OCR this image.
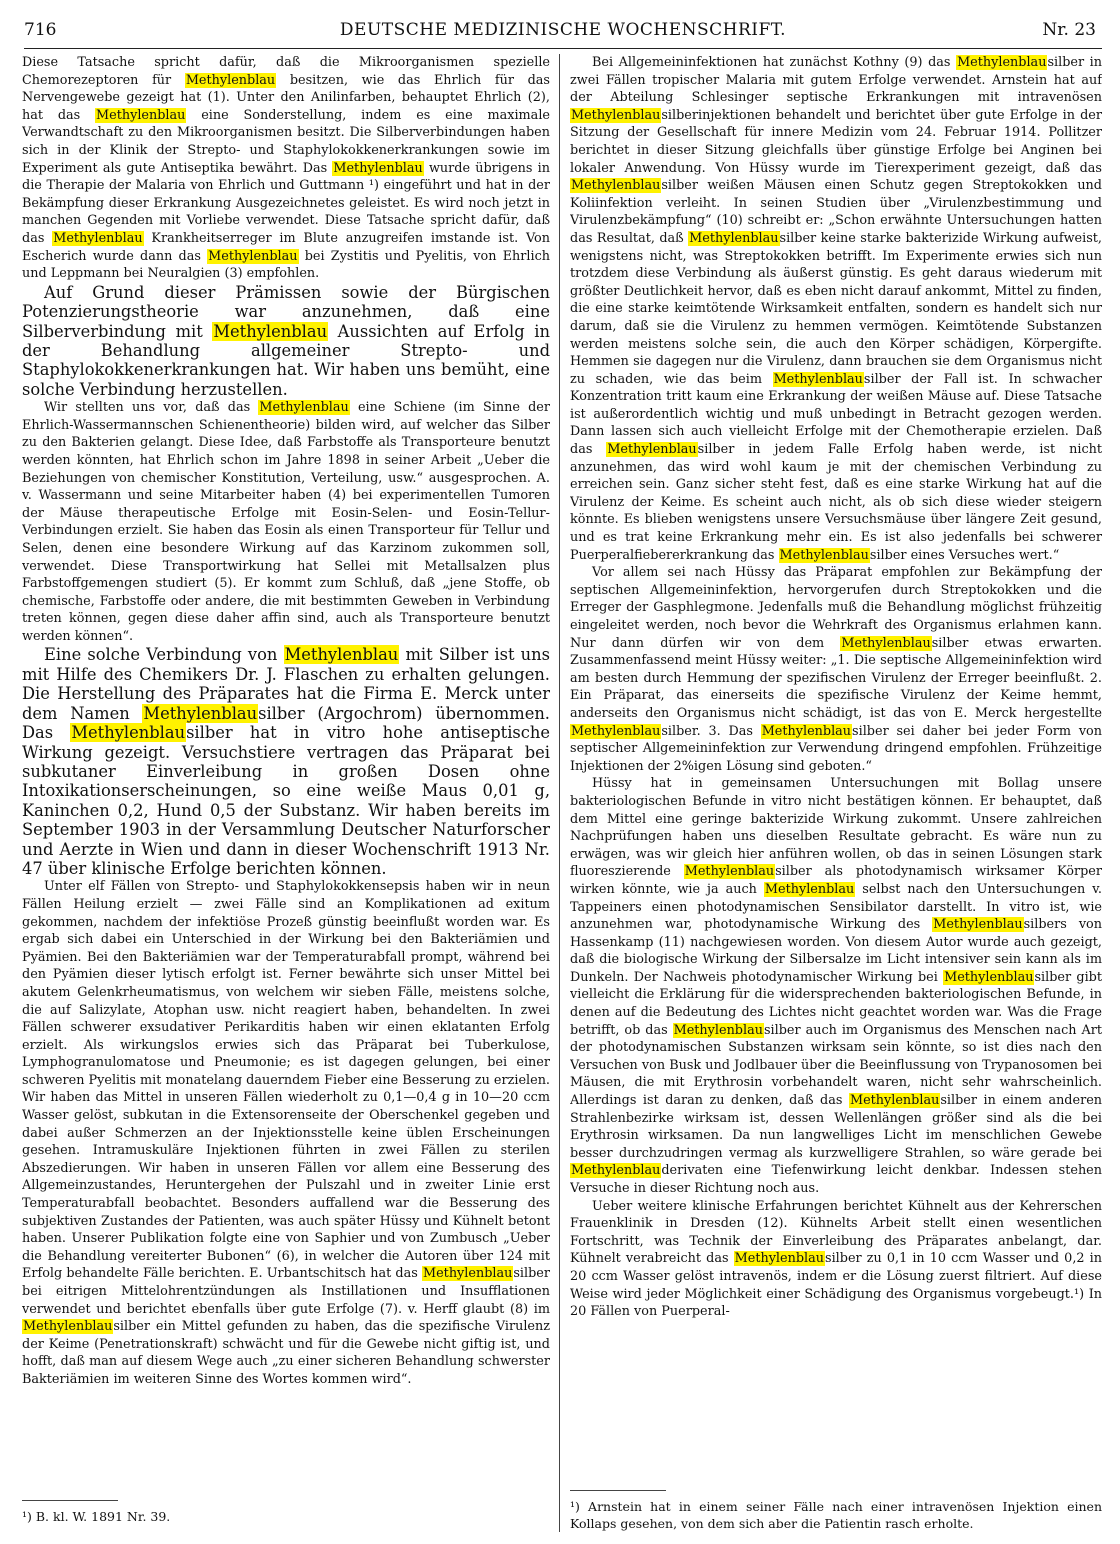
716	DEUTSCHE MEDIZINISCHE WOCHENSCHRIFT.	Nr. 23

Diese Tatsache spricht dafür, daß die Mikroorganismen spezielle Chemorezeptoren für Methylenblau besitzen, wie das Ehrlich für das Nervengewebe gezeigt hat (1). Unter den Anilinfarben, behauptet Ehrlich (2), hat das Methylenblau eine Sonderstellung, indem es eine maximale Verwandtschaft zu den Mikroorganismen besitzt. Die Silberverbindungen haben sich in der Klinik der Strepto- und Staphylokokkenerkrankungen sowie im Experiment als gute Antiseptika bewährt. Das Methylenblau wurde übrigens in die Therapie der Malaria von Ehrlich und Guttmann ¹) eingeführt und hat in der Bekämpfung dieser Erkrankung Ausgezeichnetes geleistet. Es wird noch jetzt in manchen Gegenden mit Vorliebe verwendet. Diese Tatsache spricht dafür, daß das Methylenblau Krankheitserreger im Blute anzugreifen imstande ist. Von Escherich wurde dann das Methylenblau bei Zystitis und Pyelitis, von Ehrlich und Leppmann bei Neuralgien (3) empfohlen.

Auf Grund dieser Prämissen sowie der Bürgischen Potenzierungstheorie war anzunehmen, daß eine Silberverbindung mit Methylenblau Aussichten auf Erfolg in der Behandlung allgemeiner Strepto- und Staphylokokkenerkrankungen hat. Wir haben uns bemüht, eine solche Verbindung herzustellen.

Wir stellten uns vor, daß das Methylenblau eine Schiene (im Sinne der Ehrlich-Wassermannschen Schienentheorie) bilden wird, auf welcher das Silber zu den Bakterien gelangt. Diese Idee, daß Farbstoffe als Transporteure benutzt werden könnten, hat Ehrlich schon im Jahre 1898 in seiner Arbeit „Ueber die Beziehungen von chemischer Konstitution, Verteilung, usw.“ ausgesprochen. A. v. Wassermann und seine Mitarbeiter haben (4) bei experimentellen Tumoren der Mäuse therapeutische Erfolge mit Eosin-Selen- und Eosin-Tellur-Verbindungen erzielt. Sie haben das Eosin als einen Transporteur für Tellur und Selen, denen eine besondere Wirkung auf das Karzinom zukommen soll, verwendet. Diese Transportwirkung hat Sellei mit Metallsalzen plus Farbstoffgemengen studiert (5). Er kommt zum Schluß, daß „jene Stoffe, ob chemische, Farbstoffe oder andere, die mit bestimmten Geweben in Verbindung treten können, gegen diese daher affin sind, auch als Transporteure benutzt werden können“.

Eine solche Verbindung von Methylenblau mit Silber ist uns mit Hilfe des Chemikers Dr. J. Flaschen zu erhalten gelungen. Die Herstellung des Präparates hat die Firma E. Merck unter dem Namen Methylenblausilber (Argochrom) übernommen. Das Methylenblausilber hat in vitro hohe antiseptische Wirkung gezeigt. Versuchstiere vertragen das Präparat bei subkutaner Einverleibung in großen Dosen ohne Intoxikationserscheinungen, so eine weiße Maus 0,01 g, Kaninchen 0,2, Hund 0,5 der Substanz. Wir haben bereits im September 1903 in der Versammlung Deutscher Naturforscher und Aerzte in Wien und dann in dieser Wochenschrift 1913 Nr. 47 über klinische Erfolge berichten können.

Unter elf Fällen von Strepto- und Staphylokokkensepsis haben wir in neun Fällen Heilung erzielt — zwei Fälle sind an Komplikationen ad exitum gekommen, nachdem der infektiöse Prozeß günstig beeinflußt worden war. Es ergab sich dabei ein Unterschied in der Wirkung bei den Bakteriämien und Pyämien. Bei den Bakteriämien war der Temperaturabfall prompt, während bei den Pyämien dieser lytisch erfolgt ist. Ferner bewährte sich unser Mittel bei akutem Gelenkrheumatismus, von welchem wir sieben Fälle, meistens solche, die auf Salizylate, Atophan usw. nicht reagiert haben, behandelten. In zwei Fällen schwerer exsudativer Perikarditis haben wir einen eklatanten Erfolg erzielt. Als wirkungslos erwies sich das Präparat bei Tuberkulose, Lymphogranulomatose und Pneumonie; es ist dagegen gelungen, bei einer schweren Pyelitis mit monatelang dauerndem Fieber eine Besserung zu erzielen. Wir haben das Mittel in unseren Fällen wiederholt zu 0,1—0,4 g in 10—20 ccm Wasser gelöst, subkutan in die Extensorenseite der Oberschenkel gegeben und dabei außer Schmerzen an der Injektionsstelle keine üblen Erscheinungen gesehen. Intramuskuläre Injektionen führten in zwei Fällen zu sterilen Abszedierungen. Wir haben in unseren Fällen vor allem eine Besserung des Allgemeinzustandes, Heruntergehen der Pulszahl und in zweiter Linie erst Temperaturabfall beobachtet. Besonders auffallend war die Besserung des subjektiven Zustandes der Patienten, was auch später Hüssy und Kühnelt betont haben. Unserer Publikation folgte eine von Saphier und von Zumbusch „Ueber die Behandlung vereiterter Bubonen“ (6), in welcher die Autoren über 124 mit Erfolg behandelte Fälle berichten. E. Urbantschitsch hat das Methylenblausilber bei eitrigen Mittelohrentzündungen als Instillationen und Insufflationen verwendet und berichtet ebenfalls über gute Erfolge (7). v. Herff glaubt (8) im Methylenblausilber ein Mittel gefunden zu haben, das die spezifische Virulenz der Keime (Penetrationskraft) schwächt und für die Gewebe nicht giftig ist, und hofft, daß man auf diesem Wege auch „zu einer sicheren Behandlung schwerster Bakteriämien im weiteren Sinne des Wortes kommen wird“.

Bei Allgemeininfektionen hat zunächst Kothny (9) das Methylenblausilber in zwei Fällen tropischer Malaria mit gutem Erfolge verwendet. Arnstein hat auf der Abteilung Schlesinger septische Erkrankungen mit intravenösen Methylenblausilberinjektionen behandelt und berichtet über gute Erfolge in der Sitzung der Gesellschaft für innere Medizin vom 24. Februar 1914. Pollitzer berichtet in dieser Sitzung gleichfalls über günstige Erfolge bei Anginen bei lokaler Anwendung. Von Hüssy wurde im Tierexperiment gezeigt, daß das Methylenblausilber weißen Mäusen einen Schutz gegen Streptokokken und Koliinfektion verleiht. In seinen Studien über „Virulenzbestimmung und Virulenzbekämpfung“ (10) schreibt er: „Schon erwähnte Untersuchungen hatten das Resultat, daß Methylenblausilber keine starke bakterizide Wirkung aufweist, wenigstens nicht, was Streptokokken betrifft. Im Experimente erwies sich nun trotzdem diese Verbindung als äußerst günstig. Es geht daraus wiederum mit größter Deutlichkeit hervor, daß es eben nicht darauf ankommt, Mittel zu finden, die eine starke keimtötende Wirksamkeit entfalten, sondern es handelt sich nur darum, daß sie die Virulenz zu hemmen vermögen. Keimtötende Substanzen werden meistens solche sein, die auch den Körper schädigen, Körpergifte. Hemmen sie dagegen nur die Virulenz, dann brauchen sie dem Organismus nicht zu schaden, wie das beim Methylenblausilber der Fall ist. In schwacher Konzentration tritt kaum eine Erkrankung der weißen Mäuse auf. Diese Tatsache ist außerordentlich wichtig und muß unbedingt in Betracht gezogen werden. Dann lassen sich auch vielleicht Erfolge mit der Chemotherapie erzielen. Daß das Methylenblausilber in jedem Falle Erfolg haben werde, ist nicht anzunehmen, das wird wohl kaum je mit der chemischen Verbindung zu erreichen sein. Ganz sicher steht fest, daß es eine starke Wirkung hat auf die Virulenz der Keime. Es scheint auch nicht, als ob sich diese wieder steigern könnte. Es blieben wenigstens unsere Versuchsmäuse über längere Zeit gesund, und es trat keine Erkrankung mehr ein. Es ist also jedenfalls bei schwerer Puerperalfiebererkrankung das Methylenblausilber eines Versuches wert.“

Vor allem sei nach Hüssy das Präparat empfohlen zur Bekämpfung der septischen Allgemeininfektion, hervorgerufen durch Streptokokken und die Erreger der Gasphlegmone. Jedenfalls muß die Behandlung möglichst frühzeitig eingeleitet werden, noch bevor die Wehrkraft des Organismus erlahmen kann. Nur dann dürfen wir von dem Methylenblausilber etwas erwarten. Zusammenfassend meint Hüssy weiter: „1. Die septische Allgemeininfektion wird am besten durch Hemmung der spezifischen Virulenz der Erreger beeinflußt. 2. Ein Präparat, das einerseits die spezifische Virulenz der Keime hemmt, anderseits den Organismus nicht schädigt, ist das von E. Merck hergestellte Methylenblausilber. 3. Das Methylenblausilber sei daher bei jeder Form von septischer Allgemeininfektion zur Verwendung dringend empfohlen. Frühzeitige Injektionen der 2%igen Lösung sind geboten.“

Hüssy hat in gemeinsamen Untersuchungen mit Bollag unsere bakteriologischen Befunde in vitro nicht bestätigen können. Er behauptet, daß dem Mittel eine geringe bakterizide Wirkung zukommt. Unsere zahlreichen Nachprüfungen haben uns dieselben Resultate gebracht. Es wäre nun zu erwägen, was wir gleich hier anführen wollen, ob das in seinen Lösungen stark fluoreszierende Methylenblausilber als photodynamisch wirksamer Körper wirken könnte, wie ja auch Methylenblau selbst nach den Untersuchungen v. Tappeiners einen photodynamischen Sensibilator darstellt. In vitro ist, wie anzunehmen war, photodynamische Wirkung des Methylenblausilbers von Hassenkamp (11) nachgewiesen worden. Von diesem Autor wurde auch gezeigt, daß die biologische Wirkung der Silbersalze im Licht intensiver sein kann als im Dunkeln. Der Nachweis photodynamischer Wirkung bei Methylenblausilber gibt vielleicht die Erklärung für die widersprechenden bakteriologischen Befunde, in denen auf die Bedeutung des Lichtes nicht geachtet worden war. Was die Frage betrifft, ob das Methylenblausilber auch im Organismus des Menschen nach Art der photodynamischen Substanzen wirksam sein könnte, so ist dies nach den Versuchen von Busk und Jodlbauer über die Beeinflussung von Trypanosomen bei Mäusen, die mit Erythrosin vorbehandelt waren, nicht sehr wahrscheinlich. Allerdings ist daran zu denken, daß das Methylenblausilber in einem anderen Strahlenbezirke wirksam ist, dessen Wellenlängen größer sind als die bei Erythrosin wirksamen. Da nun langwelliges Licht im menschlichen Gewebe besser durchzudringen vermag als kurzwelligere Strahlen, so wäre gerade bei Methylenblauderivaten eine Tiefenwirkung leicht denkbar. Indessen stehen Versuche in dieser Richtung noch aus.

Ueber weitere klinische Erfahrungen berichtet Kühnelt aus der Kehrerschen Frauenklinik in Dresden (12). Kühnelts Arbeit stellt einen wesentlichen Fortschritt, was Technik der Einverleibung des Präparates anbelangt, dar. Kühnelt verabreicht das Methylenblausilber zu 0,1 in 10 ccm Wasser und 0,2 in 20 ccm Wasser gelöst intravenös, indem er die Lösung zuerst filtriert. Auf diese Weise wird jeder Möglichkeit einer Schädigung des Organismus vorgebeugt.¹) In 20 Fällen von Puerperal-

¹) B. kl. W. 1891 Nr. 39.
¹) Arnstein hat in einem seiner Fälle nach einer intravenösen Injektion einen Kollaps gesehen, von dem sich aber die Patientin rasch erholte.
